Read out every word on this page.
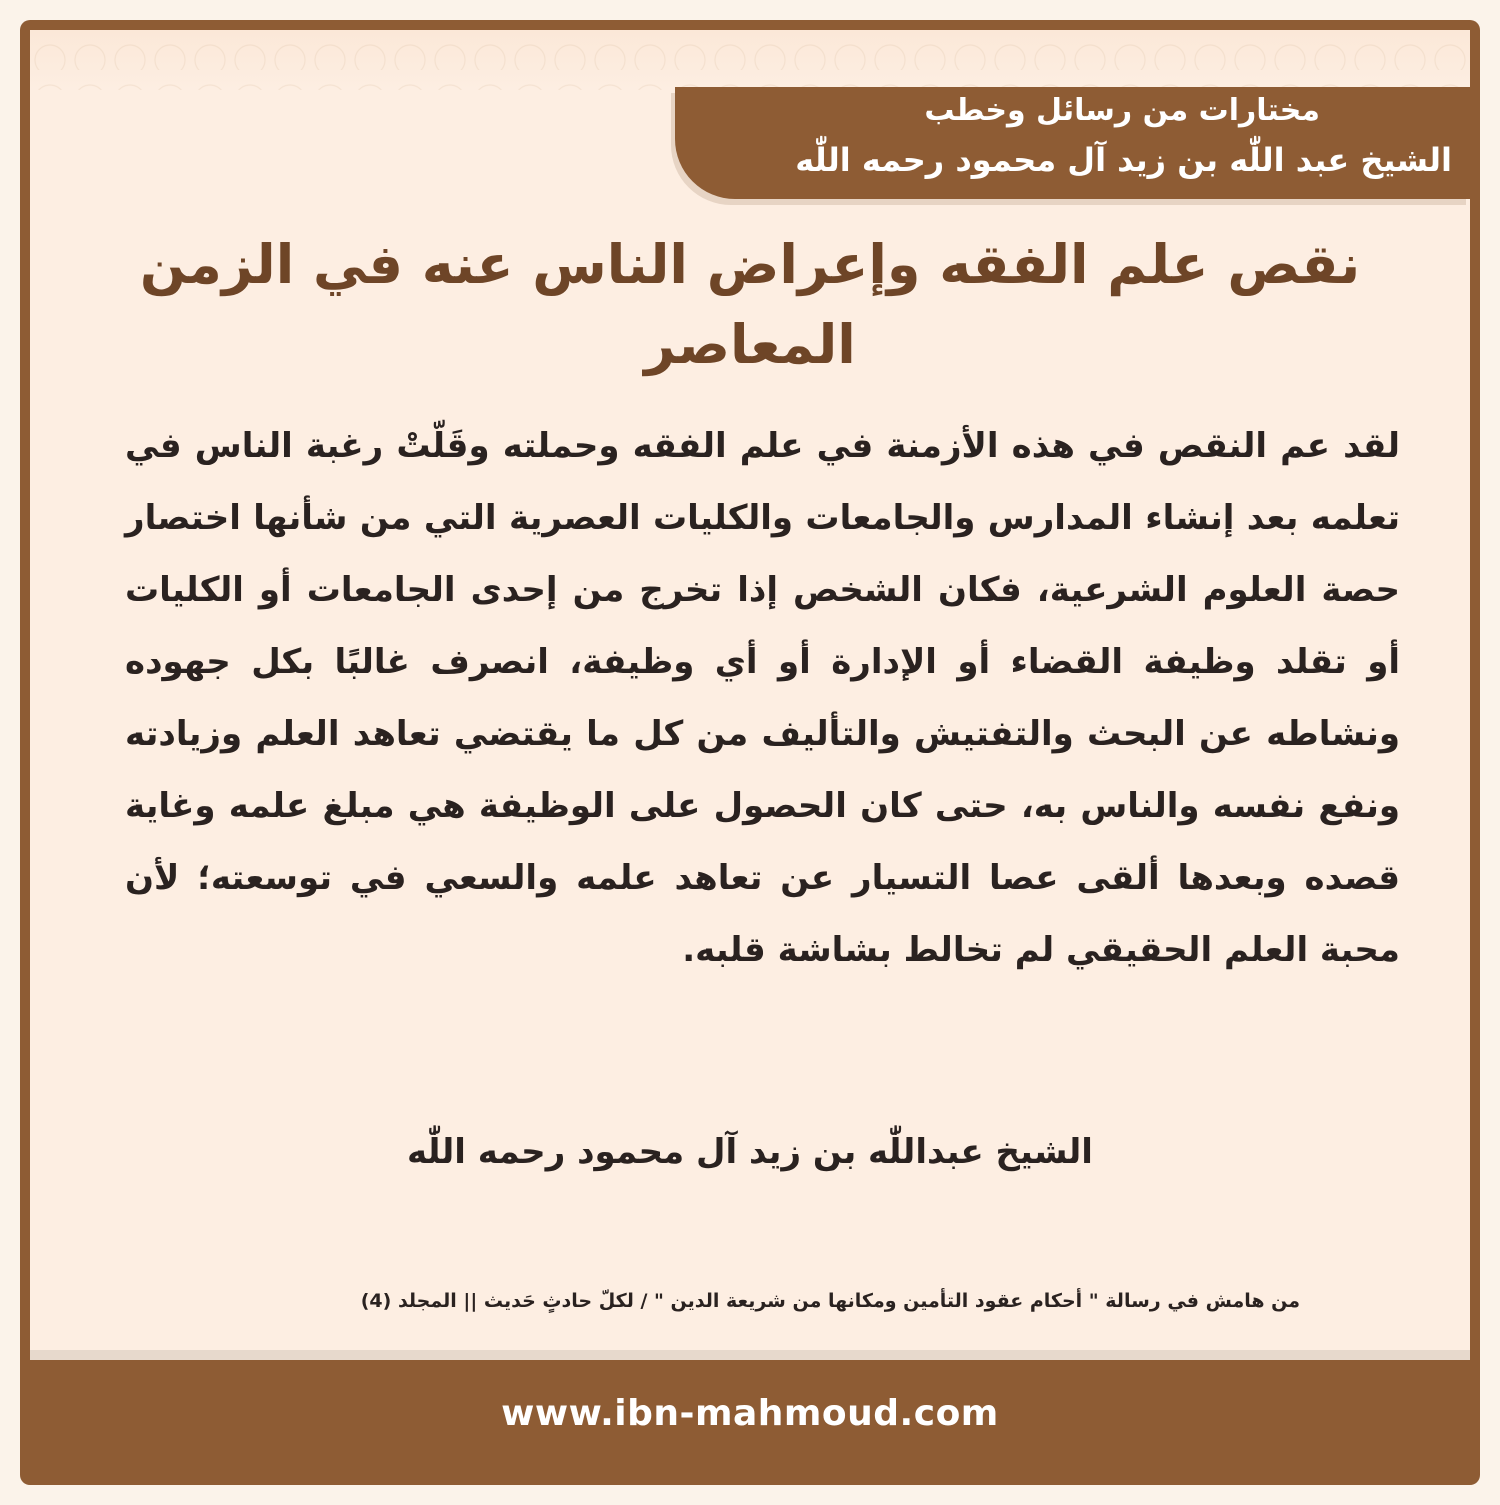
مختارات من رسائل وخطب

الشيخ عبد اللّٰه بن زيد آل محمود رحمه اللّٰه

نقص علم الفقه وإعراض الناس عنه في الزمن المعاصر

لقد عم النقص في هذه الأزمنة في علم الفقه وحملته وقَلّتْ رغبة الناس في تعلمه بعد إنشاء المدارس والجامعات والكليات العصرية التي من شأنها اختصار حصة العلوم الشرعية، فكان الشخص إذا تخرج من إحدى الجامعات أو الكليات أو تقلد وظيفة القضاء أو الإدارة أو أي وظيفة، انصرف غالبًا بكل جهوده ونشاطه عن البحث والتفتيش والتأليف من كل ما يقتضي تعاهد العلم وزيادته ونفع نفسه والناس به، حتى كان الحصول على الوظيفة هي مبلغ علمه وغاية قصده وبعدها ألقى عصا التسيار عن تعاهد علمه والسعي في توسعته؛ لأن محبة العلم الحقيقي لم تخالط بشاشة قلبه.

الشيخ عبداللّٰه بن زيد آل محمود رحمه اللّٰه

من هامش في رسالة " أحكام عقود التأمين ومكانها من شريعة الدين " / لكلّ حادثٍ حَديث || المجلد (4)

www.ibn-mahmoud.com
